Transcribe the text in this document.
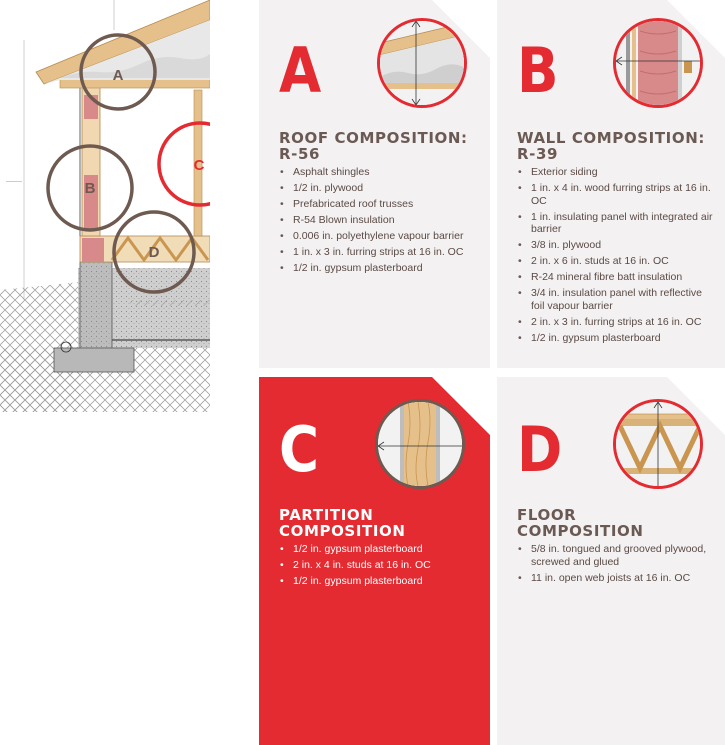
————
A
B
C
D
A
ROOF COMPOSITION:
R-56
• Asphalt shingles
• 1/2 in. plywood
• Prefabricated roof trusses
• R-54 Blown insulation
• 0.006 in. polyethylene vapour barrier
• 1 in. x 3 in. furring strips at 16 in. OC
• 1/2 in. gypsum plasterboard
B
WALL COMPOSITION:
R-39
• Exterior siding
• 1 in. x 4 in. wood furring strips at 16 in. OC
• 1 in. insulating panel with integrated air barrier
• 3/8 in. plywood
• 2 in. x 6 in. studs at 16 in. OC
• R-24 mineral fibre batt insulation
• 3/4 in. insulation panel with reflective foil vapour barrier
• 2 in. x 3 in. furring strips at 16 in. OC
• 1/2 in. gypsum plasterboard
C
PARTITION
COMPOSITION
• 1/2 in. gypsum plasterboard
• 2 in. x 4 in. studs at 16 in. OC
• 1/2 in. gypsum plasterboard
D
FLOOR
COMPOSITION
• 5/8 in. tongued and grooved plywood, screwed and glued
• 11 in. open web joists at 16 in. OC
